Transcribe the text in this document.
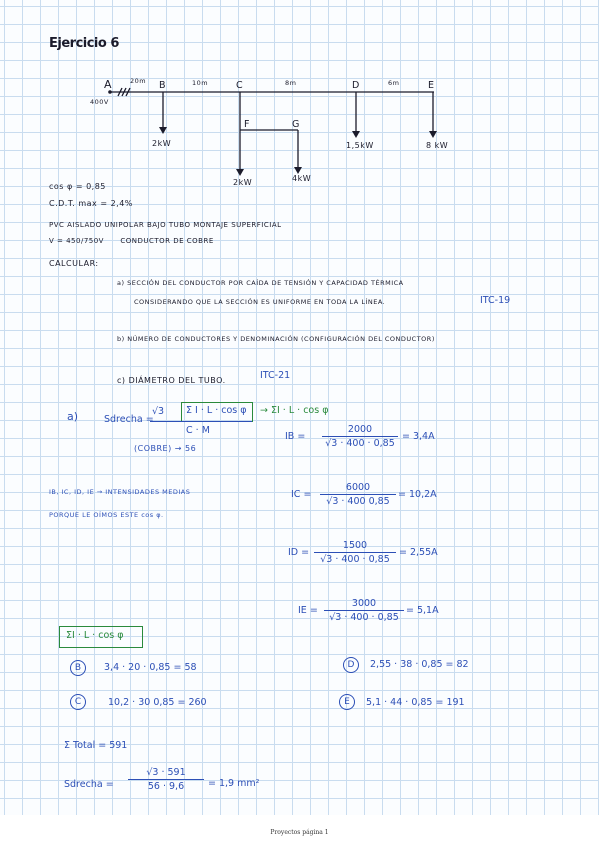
Ejercicio 6
A
400V
20m B	10m	C	8m	D	6m	E
F	G
2kW
2kW	4kW
1,5kW	8 kW
cos φ = 0,85
C.D.T. max = 2,4%
PVC AISLADO UNIPOLAR BAJO TUBO MONTAJE SUPERFICIAL
V = 450/750V      CONDUCTOR DE COBRE
CALCULAR:
a) SECCIÓN DEL CONDUCTOR POR CAÍDA DE TENSIÓN Y CAPACIDAD TÉRMICA
CONSIDERANDO QUE LA SECCIÓN ES UNIFORME EN TODA LA LÍNEA.	ITC-19
b) NÚMERO DE CONDUCTORES Y DENOMINACIÓN (CONFIGURACIÓN DEL CONDUCTOR)
c) DIÁMETRO DEL TUBO.	ITC-21
a)	Sdrecha =
√3 Σ I · L · cos φ
C · M
(COBRE) → 56
→ ΣI · L · cos φ
IB, IC, ID, IE → INTENSIDADES MEDIAS
PORQUE LE OÍMOS ESTE cos φ.
IB = $\frac{2000}{√3 \cdot 400 \cdot 0,85} = 3,4A$
IC = $\frac{6000}{√3 \cdot 400 0,85} = 10,2A$
ID = $\frac{1500}{√3 \cdot 400 \cdot 0,85} = 2,55A$
IE = $\frac{3000}{√3 \cdot 400 \cdot 0,85} = 5,1A$
ΣI · L · cos φ
B	3,4 · 20 · 0,85 = 58
C	10,2 · 30 0,85 = 260
D	2,55 · 38 · 0,85 = 82
E	5,1 · 44 · 0,85 = 191
Σ Total = 591
Sdrecha = $\frac{√3 \cdot 591}{56 \cdot 9,6} = 1,9$ mm²
Proyectos página 1
